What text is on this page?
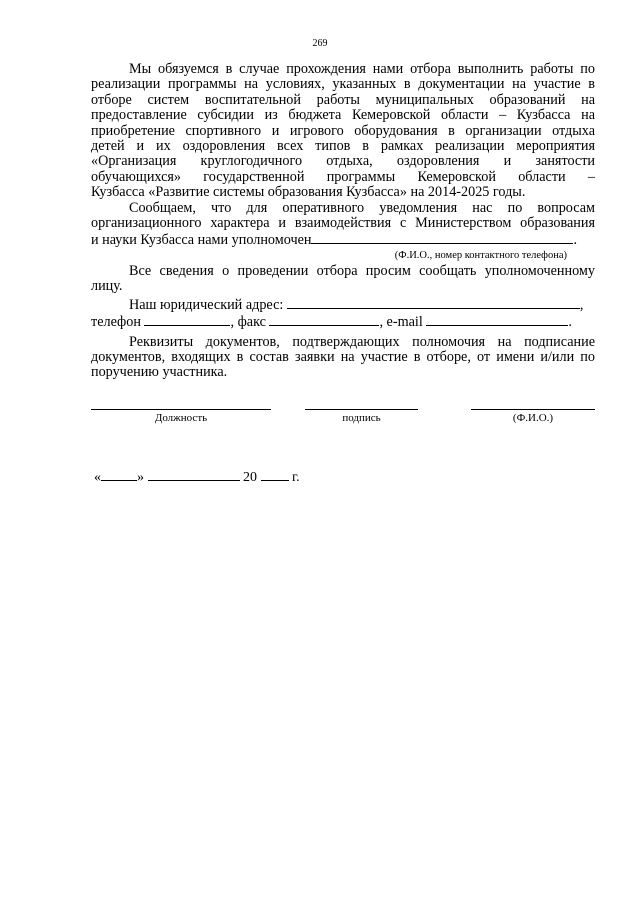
269

Мы обязуемся в случае прохождения нами отбора выполнить работы по
реализации программы на условиях, указанных в документации на участие в
отборе систем воспитательной работы муниципальных образований на
предоставление субсидии из бюджета Кемеровской области – Кузбасса на
приобретение спортивного и игрового оборудования в организации отдыха
детей и их оздоровления всех типов в рамках реализации мероприятия
«Организация круглогодичного отдыха, оздоровления и занятости
обучающихся» государственной программы Кемеровской области –
Кузбасса «Развитие системы образования Кузбасса» на 2014-2025 годы.

Сообщаем, что для оперативного уведомления нас по вопросам
организационного характера и взаимодействия с Министерством образования
и науки Кузбасса нами уполномочен	.
(Ф.И.О., номер контактного телефона)

Все сведения о проведении отбора просим сообщать уполномоченному
лицу.

Наш юридический адрес:	,

телефон	, факс	, e-mail	.

Реквизиты документов, подтверждающих полномочия на подписание
документов, входящих в состав заявки на участие в отборе, от имени и/или по
поручению участника.

Должность	подпись	(Ф.И.О.)
«	»	20	г.
